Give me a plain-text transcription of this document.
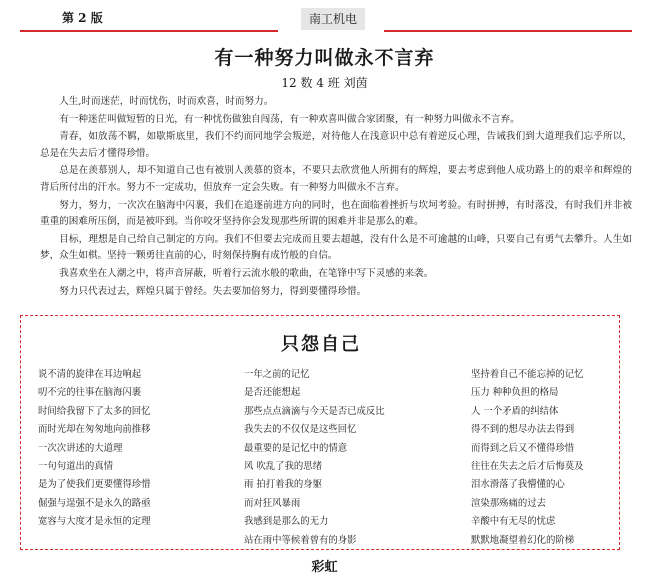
第 2 版	南工机电
有一种努力叫做永不言弃
12 数 4 班 刘茵

人生,时而迷茫，时而忧伤，时而欢喜，时而努力。

有一种迷茫叫做短暂的日光，有一种忧伤做独自闯荡，有一种欢喜叫做合家团聚，有一种努力叫做永不言弃。

青春，如放荡不羁，如歇斯底里，我们不约而同地学会叛逆，对待他人在浅意识中总有着逆反心理，告诫我们到大道理我们忘乎所以，总是在失去后才懂得珍惜。

总是在羡慕别人，却不知道自己也有被别人羡慕的资本，不要只去欣赏他人所拥有的辉煌，要去考虑到他人成功路上的的艰辛和辉煌的背后所付出的汗水。努力不一定成功，但放弃一定会失败。有一种努力叫做永不言弃。

努力，努力，一次次在脑海中闪裹，我们在追逐前进方向的同时，也在面临着挫折与坎坷考验。有时拼搏，有时落没，有时我们并非被重重的困难所压倒，而是被吓到。当你咬牙坚持你会发现那些所谓的困难并非是那么的难。

目标，理想是自己给自己制定的方向。我们不但要去完成而且要去超越，没有什么是不可逾越的山峰，只要自己有勇气去攀升。人生如梦，众生如棋。坚持一颗勇往直前的心，时刻保持胸有成竹般的自信。

我喜欢坐在人潮之中，将声音屏蔽，听着行云流水般的歌曲，在笔锋中写下灵感的来袭。

努力只代表过去，辉煌只属于曾经。失去要加倍努力，得到要懂得珍惜。

只怨自己
说不清的旋律在耳边响起
叨不完的往事在脑海闪裹
时间给我留下了太多的回忆
而时光却在匆匆地向前推移
一次次讲述的大道理
一句句道出的真情
是为了使我们更要懂得珍惜
倔强与逞强不是永久的路亟
宽容与大度才是永恒的定理
一年之前的记忆
是否还能想起
那些点点滴滴与今天是否已成反比
我失去的不仅仅是这些回忆
最重要的是记忆中的情意
风 吹乱了我的思绪
雨 拍打着我的身躯
而对狂风暴雨
我感到是那么的无力
站在雨中等候着曾有的身影
坚持着自己不能忘掉的记忆
压力 种种负担的格局
人 一个矛盾的纠结体
得不到的想尽办法去得到
而得到之后又不懂得珍惜
往往在失去之后才后悔莫及
泪水滑落了我懵懂的心
渲染那殇痛的过去
辛酸中有无尽的忧虑
默默地凝望着幻化的阶梯
彩虹
